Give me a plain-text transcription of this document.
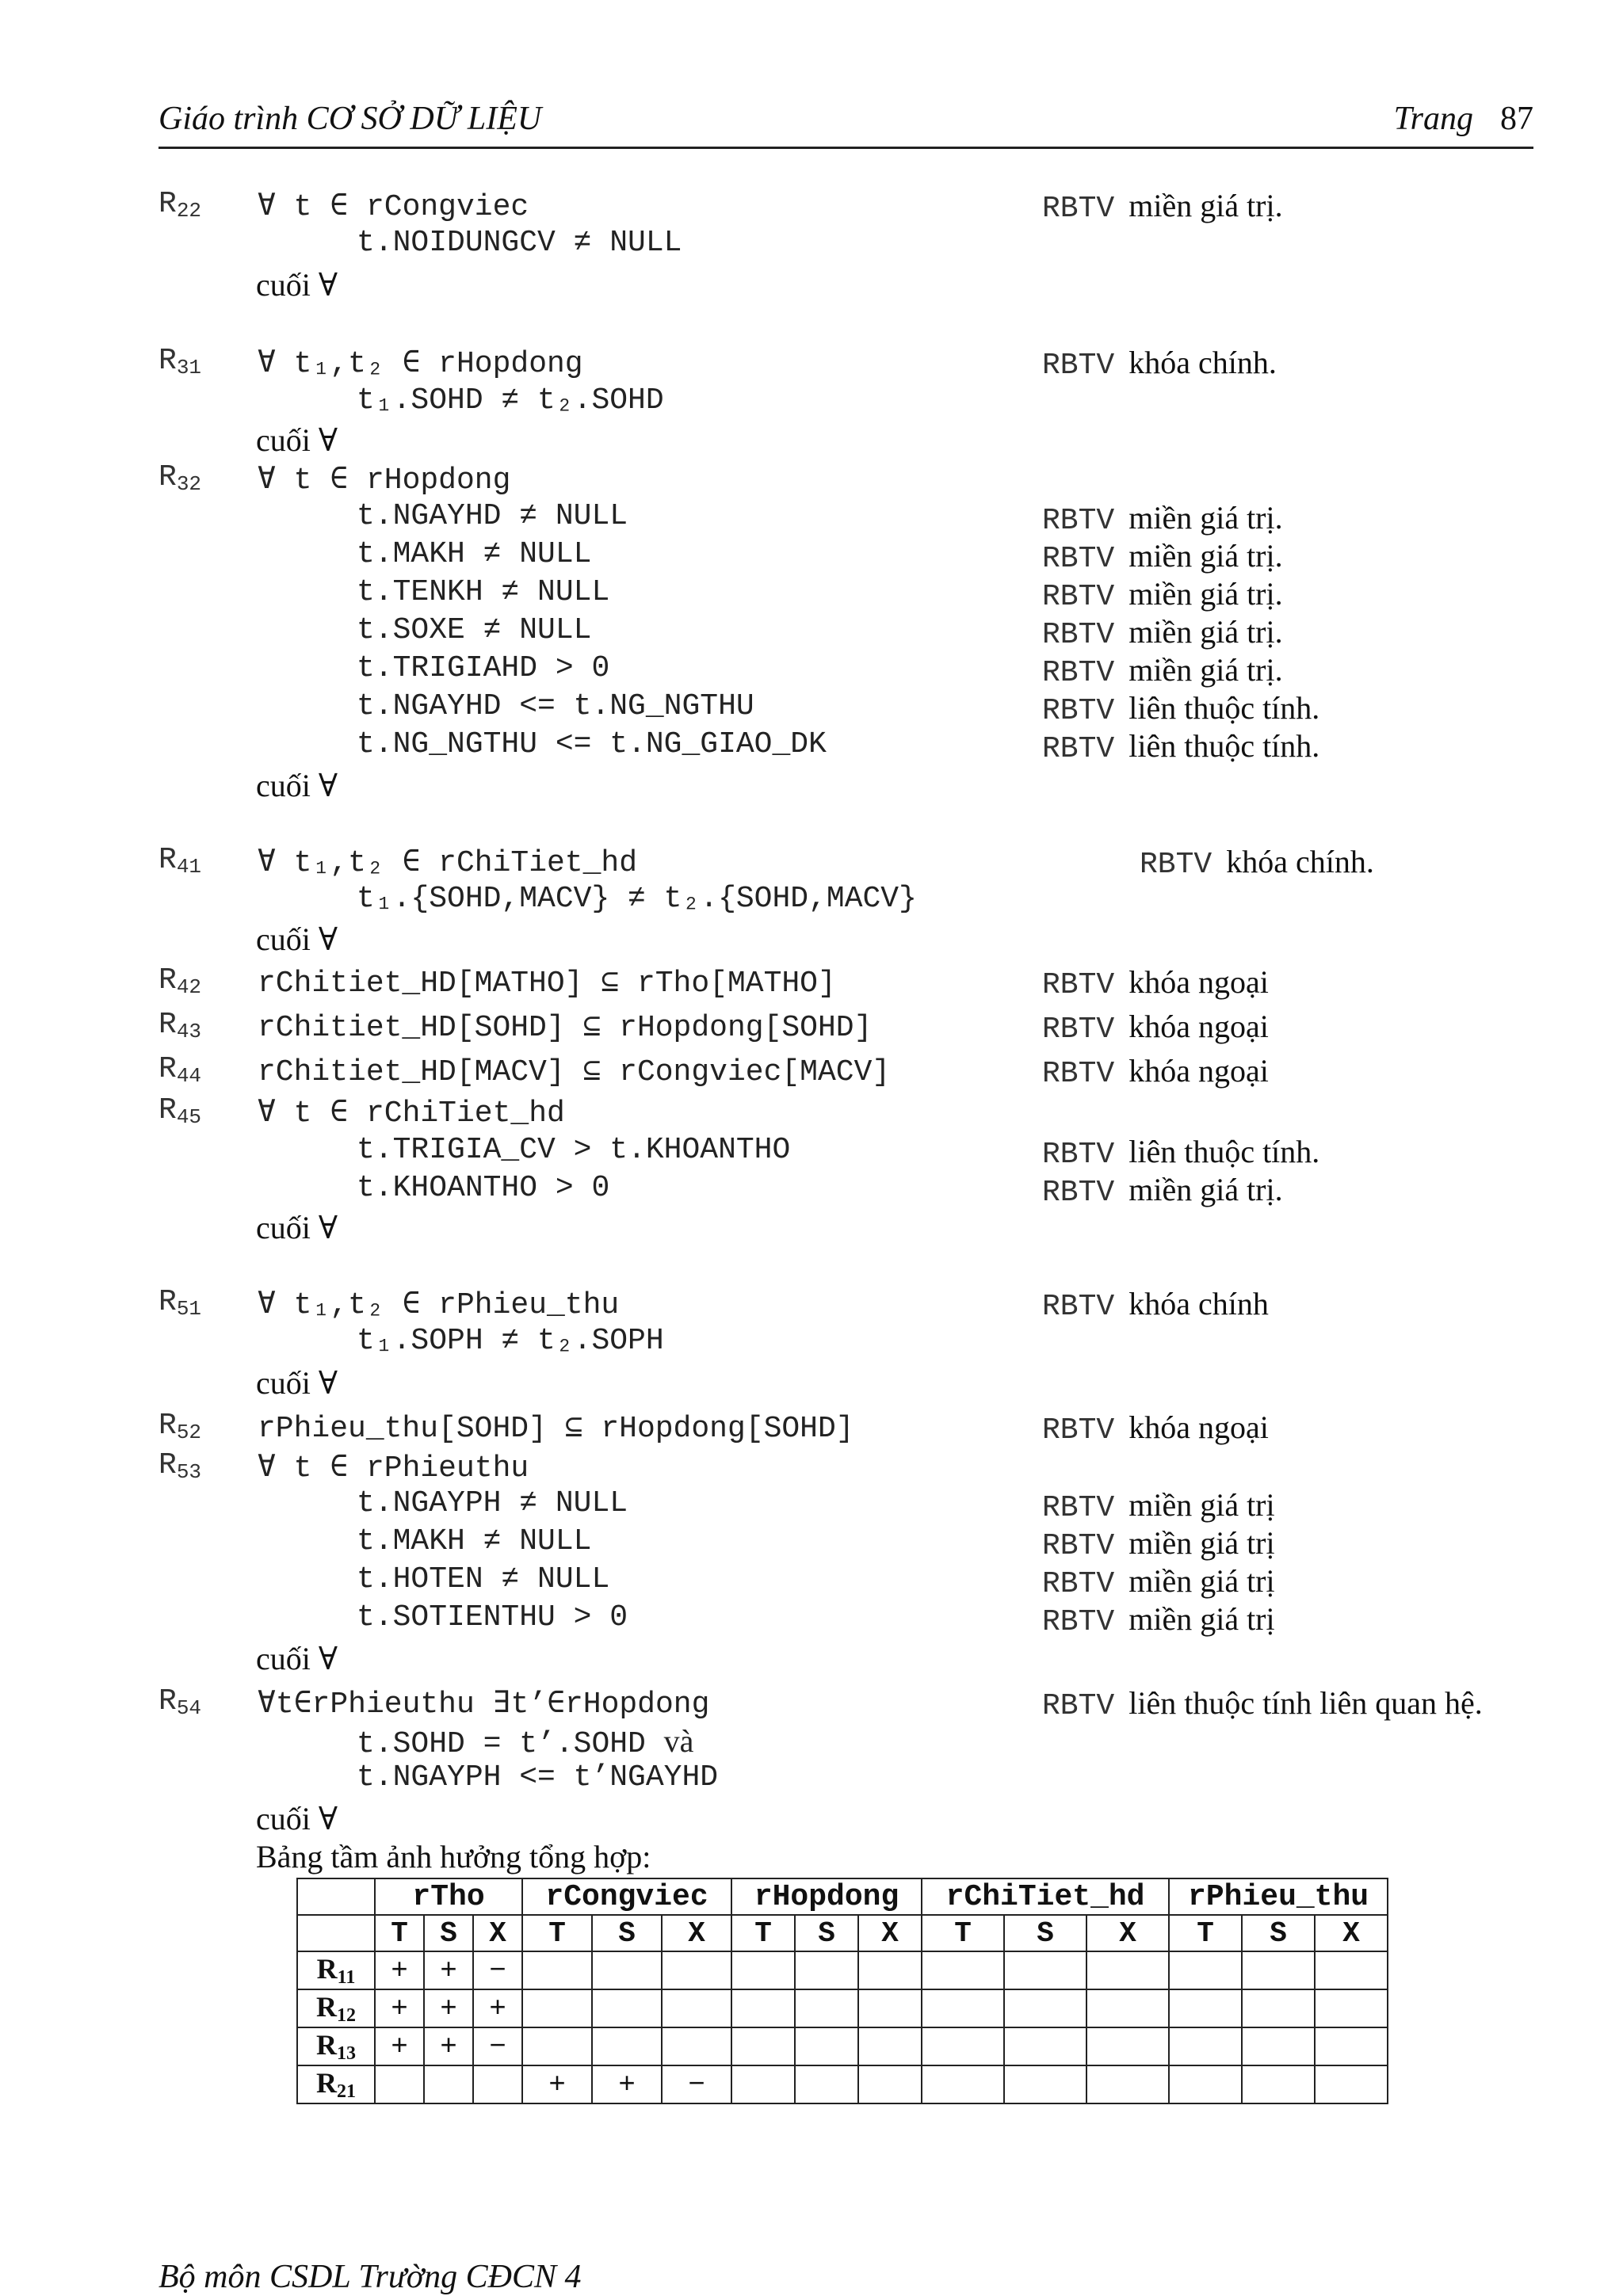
Giáo trình CƠ SỞ DỮ LIỆU	Trang 87
$R_{22}$ ∀ t ∈ rCongviec	RBTV miền giá trị.
t.NOIDUNGCV ≠ NULL
cuối ∀
$R_{31}$ ∀ t₁,t₂ ∈ rHopdong	RBTV khóa chính.
t₁.SOHD ≠ t₂.SOHD
cuối ∀
$R_{32}$ ∀ t ∈ rHopdong
t.NGAYHD ≠ NULL	RBTV miền giá trị.
t.MAKH ≠ NULL	RBTV miền giá trị.
t.TENKH ≠ NULL	RBTV miền giá trị.
t.SOXE ≠ NULL	RBTV miền giá trị.
t.TRIGIAHD > 0	RBTV miền giá trị.
t.NGAYHD <= t.NG_NGTHU	RBTV liên thuộc tính.
t.NG_NGTHU <= t.NG_GIAO_DK	RBTV liên thuộc tính.
cuối ∀
$R_{41}$ ∀ t₁,t₂ ∈ rChiTiet_hd	RBTV khóa chính.
t₁.{SOHD,MACV} ≠ t₂.{SOHD,MACV}
cuối ∀
$R_{42}$ rChitiet_HD[MATHO] ⊆ rTho[MATHO]	RBTV khóa ngoại
$R_{43}$ rChitiet_HD[SOHD] ⊆ rHopdong[SOHD]	RBTV khóa ngoại
$R_{44}$ rChitiet_HD[MACV] ⊆ rCongviec[MACV]	RBTV khóa ngoại
$R_{45}$ ∀ t ∈ rChiTiet_hd
t.TRIGIA_CV > t.KHOANTHO	RBTV liên thuộc tính.
t.KHOANTHO > 0	RBTV miền giá trị.
cuối ∀
$R_{51}$ ∀ t₁,t₂ ∈ rPhieu_thu	RBTV khóa chính
t₁.SOPH ≠ t₂.SOPH
cuối ∀
$R_{52}$ rPhieu_thu[SOHD] ⊆ rHopdong[SOHD]	RBTV khóa ngoại
$R_{53}$ ∀ t ∈ rPhieuthu
t.NGAYPH ≠ NULL	RBTV miền giá trị
t.MAKH ≠ NULL	RBTV miền giá trị
t.HOTEN ≠ NULL	RBTV miền giá trị
t.SOTIENTHU > 0	RBTV miền giá trị
cuối ∀
$R_{54}$ ∀t∈rPhieuthu ∃t’∈rHopdong	RBTV liên thuộc tính liên quan hệ.
t.SOHD = t’.SOHD và
t.NGAYPH <= t’NGAYHD
cuối ∀
Bảng tầm ảnh hưởng tổng hợp:
	rTho			rCongviec			rHopdong			rChiTiet_hd			rPhieu_thu		
	T	S	X	T	S	X	T	S	X	T	S	X	T	S	X
$R_{11}$	+	+	−												
$R_{12}$	+	+	+												
$R_{13}$	+	+	−												
$R_{21}$				+	+	−									
Bộ môn CSDL Trường CĐCN 4
